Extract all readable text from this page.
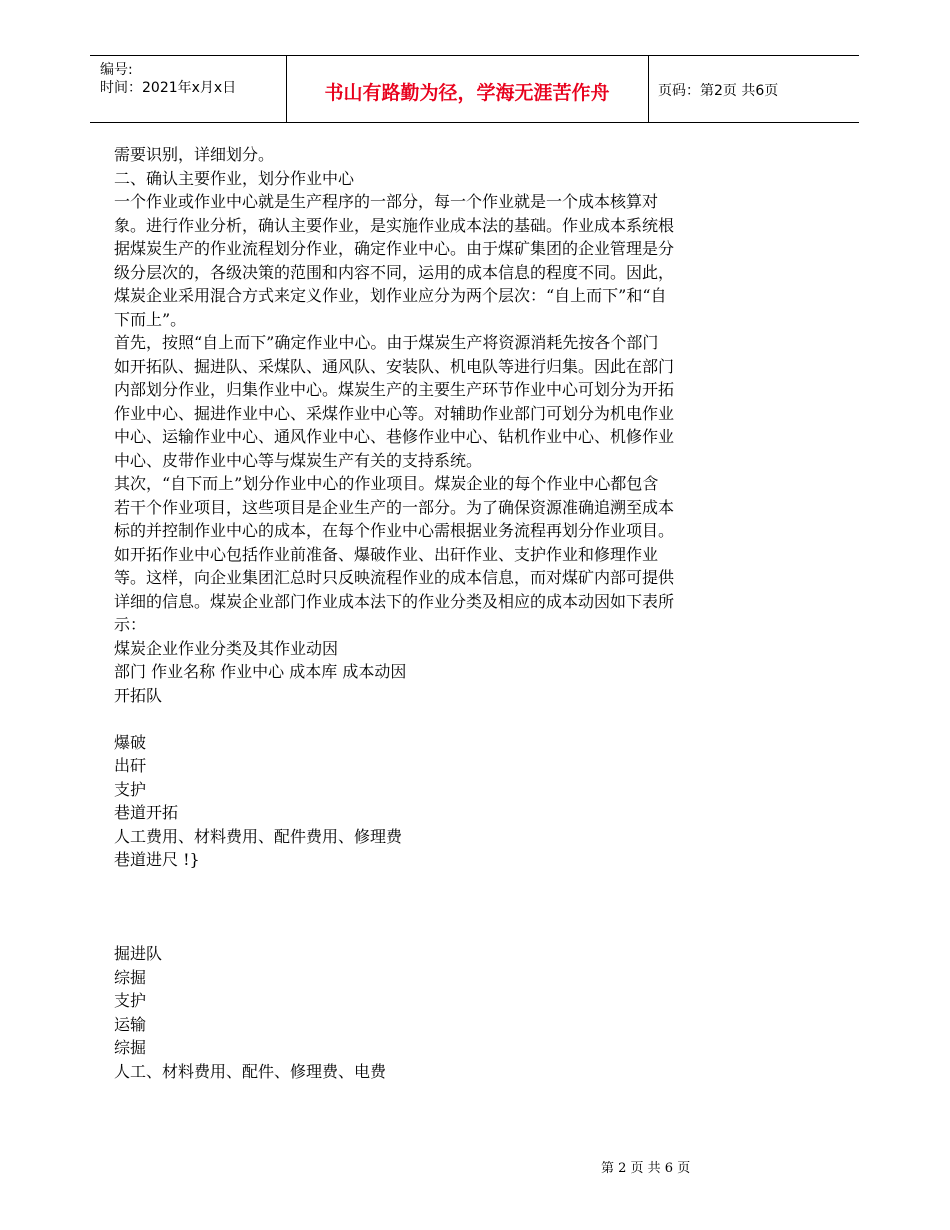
编号:
时间：2021年x月x日	书山有路勤为径，学海无涯苦作舟	页码：第2页 共6页
需要识别，详细划分。
二、确认主要作业，划分作业中心
一个作业或作业中心就是生产程序的一部分，每一个作业就是一个成本核算对
象。进行作业分析，确认主要作业，是实施作业成本法的基础。作业成本系统根
据煤炭生产的作业流程划分作业，确定作业中心。由于煤矿集团的企业管理是分
级分层次的，各级决策的范围和内容不同，运用的成本信息的程度不同。因此，
煤炭企业采用混合方式来定义作业，划作业应分为两个层次：“自上而下”和“自
下而上”。
首先，按照“自上而下”确定作业中心。由于煤炭生产将资源消耗先按各个部门
如开拓队、掘进队、采煤队、通风队、安装队、机电队等进行归集。因此在部门
内部划分作业，归集作业中心。煤炭生产的主要生产环节作业中心可划分为开拓
作业中心、掘进作业中心、采煤作业中心等。对辅助作业部门可划分为机电作业
中心、运输作业中心、通风作业中心、巷修作业中心、钻机作业中心、机修作业
中心、皮带作业中心等与煤炭生产有关的支持系统。
其次，“自下而上”划分作业中心的作业项目。煤炭企业的每个作业中心都包含
若干个作业项目，这些项目是企业生产的一部分。为了确保资源准确追溯至成本
标的并控制作业中心的成本，在每个作业中心需根据业务流程再划分作业项目。
如开拓作业中心包括作业前准备、爆破作业、出矸作业、支护作业和修理作业
等。这样，向企业集团汇总时只反映流程作业的成本信息，而对煤矿内部可提供
详细的信息。煤炭企业部门作业成本法下的作业分类及相应的成本动因如下表所
示：
煤炭企业作业分类及其作业动因
部门 作业名称 作业中心 成本库 成本动因
开拓队
爆破
出矸
支护
巷道开拓
人工费用、材料费用、配件费用、修理费
巷道进尺 !}
掘进队
综掘
支护
运输
综掘
人工、材料费用、配件、修理费、电费
第 2 页 共 6 页
